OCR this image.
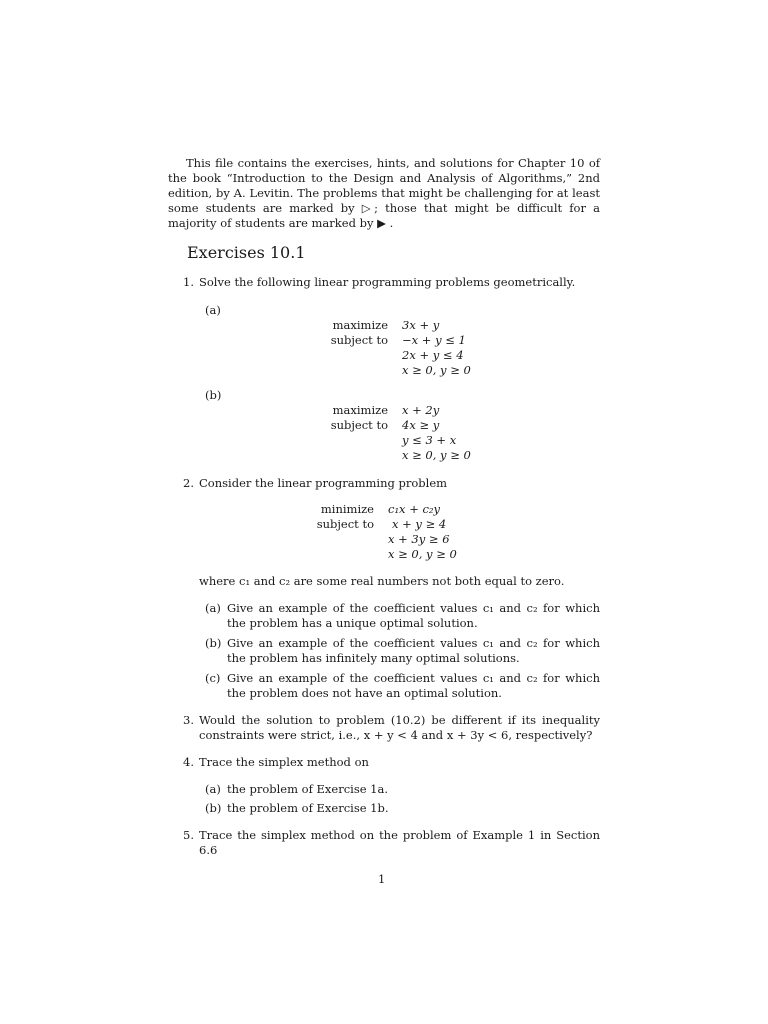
This file contains the exercises, hints, and solutions for Chapter 10 of the book “Introduction to the Design and Analysis of Algorithms,” 2nd edition, by A. Levitin. The problems that might be challenging for at least some students are marked by ▷; those that might be difficult for a majority of students are marked by ▶ .
Exercises 10.1
1. Solve the following linear programming problems geometrically.
(a)
maximize
subject to
3x + y
−x + y ≤ 1
2x + y ≤ 4
x ≥ 0, y ≥ 0
(b)
maximize
subject to
x + 2y
4x ≥ y
y ≤ 3 + x
x ≥ 0, y ≥ 0
2. Consider the linear programming problem
minimize
subject to
c₁x + c₂y
x + y ≥ 4
x + 3y ≥ 6
x ≥ 0, y ≥ 0
where c₁ and c₂ are some real numbers not both equal to zero.
(a) Give an example of the coefficient values c₁ and c₂ for which the problem has a unique optimal solution.
(b) Give an example of the coefficient values c₁ and c₂ for which the problem has infinitely many optimal solutions.
(c) Give an example of the coefficient values c₁ and c₂ for which the problem does not have an optimal solution.
3. Would the solution to problem (10.2) be different if its inequality constraints were strict, i.e., x + y < 4 and x + 3y < 6, respectively?
4. Trace the simplex method on
(a) the problem of Exercise 1a.
(b) the problem of Exercise 1b.
5. Trace the simplex method on the problem of Example 1 in Section 6.6
1
